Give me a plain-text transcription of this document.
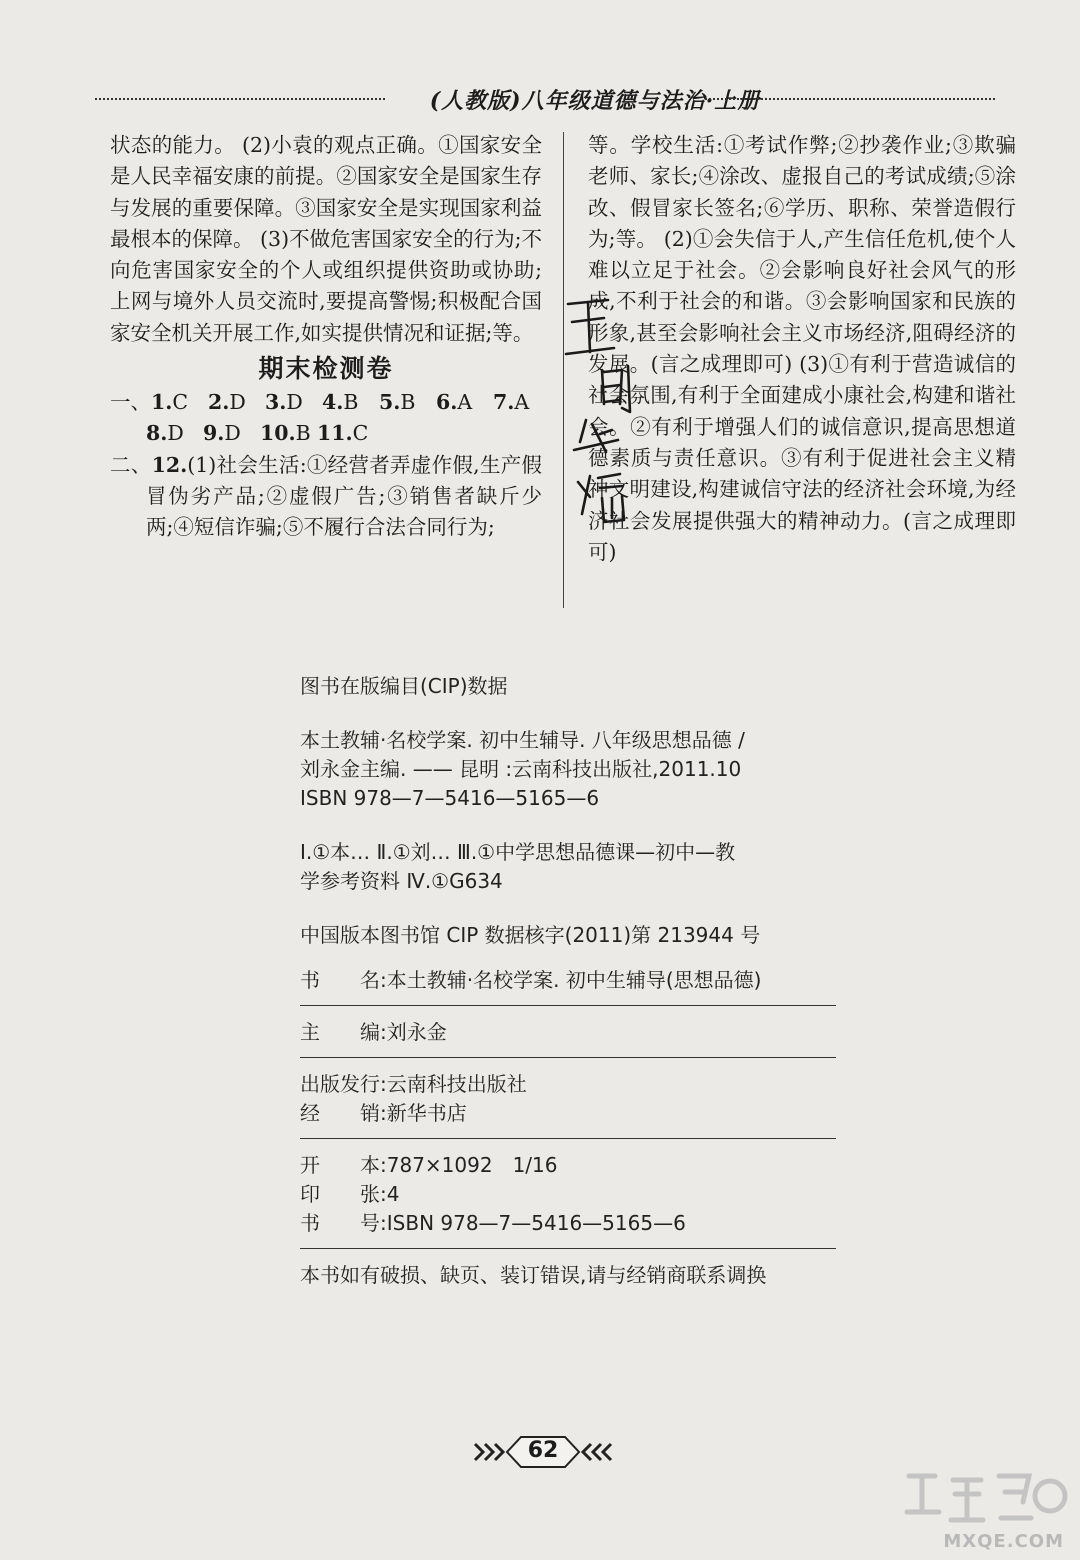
(人教版)八年级道德与法治·上册

状态的能力。 (2)小袁的观点正确。①国家安全是人民幸福安康的前提。②国家安全是国家生存与发展的重要保障。③国家安全是实现国家利益最根本的保障。 (3)不做危害国家安全的行为;不向危害国家安全的个人或组织提供资助或协助;上网与境外人员交流时,要提高警惕;积极配合国家安全机关开展工作,如实提供情况和证据;等。

期末检测卷
一、1.C 2.D 3.D 4.B 5.B 6.A 7.A
8.D 9.D 10.B 11.C

二、12.(1)社会生活:①经营者弄虚作假,生产假冒伪劣产品;②虚假广告;③销售者缺斤少两;④短信诈骗;⑤不履行合法合同行为;

等。学校生活:①考试作弊;②抄袭作业;③欺骗老师、家长;④涂改、虚报自己的考试成绩;⑤涂改、假冒家长签名;⑥学历、职称、荣誉造假行为;等。 (2)①会失信于人,产生信任危机,使个人难以立足于社会。②会影响良好社会风气的形成,不利于社会的和谐。③会影响国家和民族的形象,甚至会影响社会主义市场经济,阻碍经济的发展。(言之成理即可) (3)①有利于营造诚信的社会氛围,有利于全面建成小康社会,构建和谐社会。②有利于增强人们的诚信意识,提高思想道德素质与责任意识。③有利于促进社会主义精神文明建设,构建诚信守法的经济社会环境,为经济社会发展提供强大的精神动力。(言之成理即可)

图书在版编目(CIP)数据
本土教辅·名校学案. 初中生辅导. 八年级思想品德 /
刘永金主编. —— 昆明 :云南科技出版社,2011.10
ISBN 978—7—5416—5165—6
Ⅰ.①本… Ⅱ.①刘… Ⅲ.①中学思想品德课—初中—教
学参考资料 Ⅳ.①G634
中国版本图书馆 CIP 数据核字(2011)第 213944 号
书　　名:本土教辅·名校学案. 初中生辅导(思想品德)
主　　编:刘永金
出版发行:云南科技出版社
经　　销:新华书店
开　　本:787×1092　1/16
印　　张:4
书　　号:ISBN 978—7—5416—5165—6
本书如有破损、缺页、装订错误,请与经销商联系调换
62
MXQE.COM
